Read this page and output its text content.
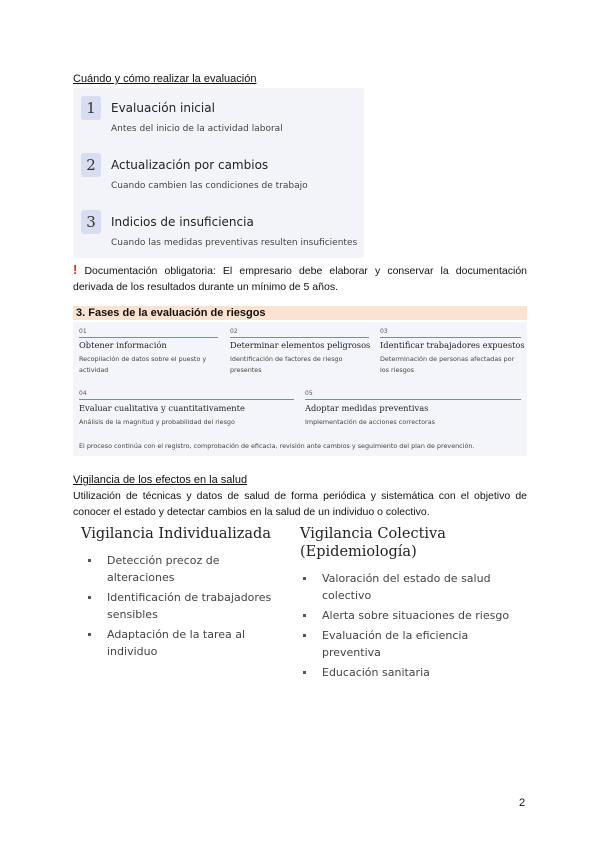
Cuándo y cómo realizar la evaluación
1	Evaluación inicial
Antes del inicio de la actividad laboral
2	Actualización por cambios
Cuando cambien las condiciones de trabajo
3	Indicios de insuficiencia
Cuando las medidas preventivas resulten insuficientes
! Documentación obligatoria: El empresario debe elaborar y conservar la documentación derivada de los resultados durante un mínimo de 5 años.
3. Fases de la evaluación de riesgos
01
Obtener información
Recopilación de datos sobre el puesto y actividad
02
Determinar elementos peligrosos
Identificación de factores de riesgo presentes
03
Identificar trabajadores expuestos
Determinación de personas afectadas por los riesgos
04
Evaluar cualitativa y cuantitativamente
Análisis de la magnitud y probabilidad del riesgo
05
Adoptar medidas preventivas
Implementación de acciones correctoras
El proceso continúa con el registro, comprobación de eficacia, revisión ante cambios y seguimiento del plan de prevención.
Vigilancia de los efectos en la salud
Utilización de técnicas y datos de salud de forma periódica y sistemática con el objetivo de conocer el estado y detectar cambios en la salud de un individuo o colectivo.
Vigilancia Individualizada
Detección precoz de alteraciones
Identificación de trabajadores sensibles
Adaptación de la tarea al individuo
Vigilancia Colectiva (Epidemiología)
Valoración del estado de salud colectivo
Alerta sobre situaciones de riesgo
Evaluación de la eficiencia preventiva
Educación sanitaria
2
